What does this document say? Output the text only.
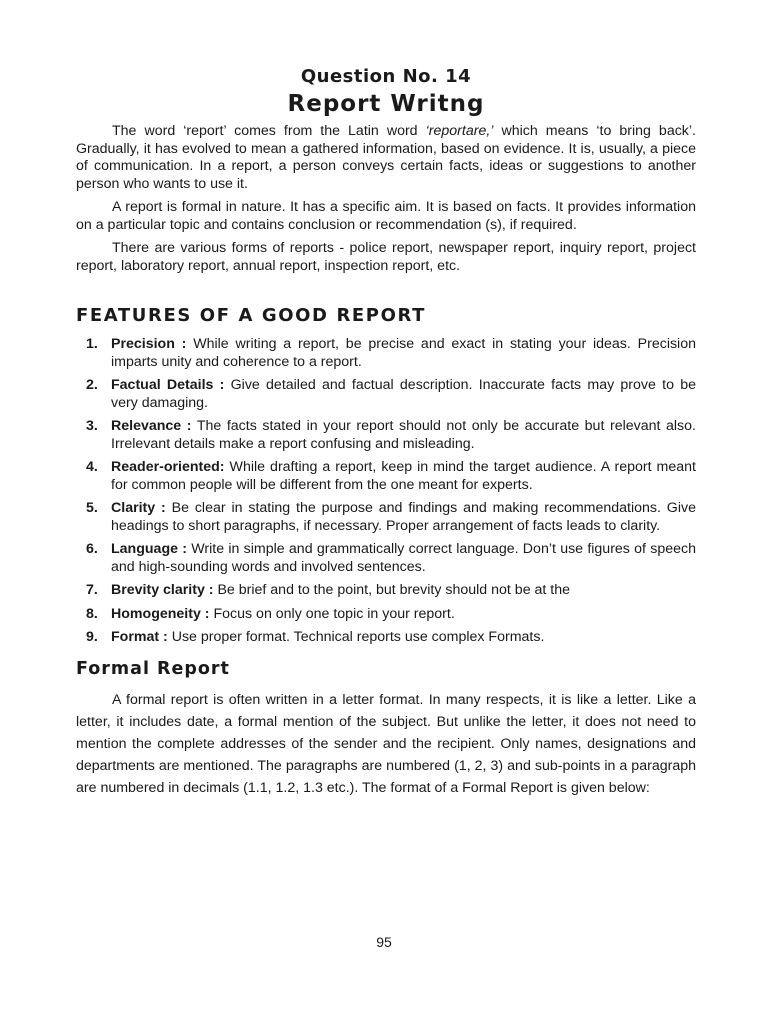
Question No. 14
Report Writng

The word ‘report’ comes from the Latin word ‘reportare,’ which means ‘to bring back’. Gradually, it has evolved to mean a gathered information, based on evidence. It is, usually, a piece of communication. In a report, a person conveys certain facts, ideas or suggestions to another person who wants to use it.

A report is formal in nature. It has a specific aim. It is based on facts. It provides information on a particular topic and contains conclusion or recommendation (s), if required.

There are various forms of reports - police report, newspaper report, inquiry report, project report, laboratory report, annual report, inspection report, etc.

FEATURES OF A GOOD REPORT
1. Precision : While writing a report, be precise and exact in stating your ideas. Precision imparts unity and coherence to a report.
2. Factual Details : Give detailed and factual description. Inaccurate facts may prove to be very damaging.
3. Relevance : The facts stated in your report should not only be accurate but relevant also. Irrelevant details make a report confusing and misleading.
4. Reader-oriented: While drafting a report, keep in mind the target audience. A report meant for common people will be different from the one meant for experts.
5. Clarity : Be clear in stating the purpose and findings and making recommendations. Give headings to short paragraphs, if necessary. Proper arrangement of facts leads to clarity.
6. Language : Write in simple and grammatically correct language. Don’t use figures of speech and high-sounding words and involved sentences.
7. Brevity clarity : Be brief and to the point, but brevity should not be at the
8. Homogeneity : Focus on only one topic in your report.
9. Format : Use proper format. Technical reports use complex Formats.
Formal Report

A formal report is often written in a letter format. In many respects, it is like a letter. Like a letter, it includes date, a formal mention of the subject. But unlike the letter, it does not need to mention the complete addresses of the sender and the recipient. Only names, designations and departments are mentioned. The paragraphs are numbered (1, 2, 3) and sub-points in a paragraph are numbered in decimals (1.1, 1.2, 1.3 etc.). The format of a Formal Report is given below:

95
